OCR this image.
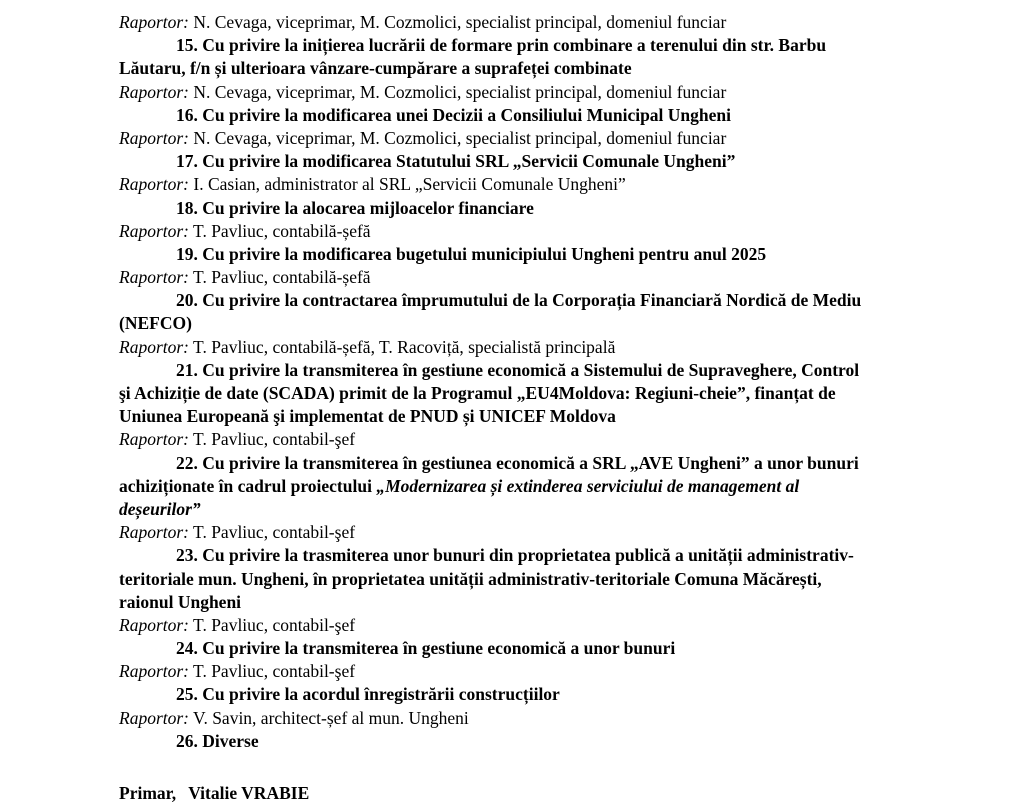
Raportor: N. Cevaga, viceprimar, M. Cozmolici, specialist principal, domeniul funciar
15. Cu privire la inițierea lucrării de formare prin combinare a terenului din str. Barbu
Lăutaru, f/n și ulterioara vânzare-cumpărare a suprafeței combinate
Raportor: N. Cevaga, viceprimar, M. Cozmolici, specialist principal, domeniul funciar
16. Cu privire la modificarea unei Decizii a Consiliului Municipal Ungheni
Raportor: N. Cevaga, viceprimar, M. Cozmolici, specialist principal, domeniul funciar
17. Cu privire la modificarea Statutului SRL „Servicii Comunale Ungheni”
Raportor: I. Casian, administrator al SRL „Servicii Comunale Ungheni”
18. Cu privire la alocarea mijloacelor financiare
Raportor: T. Pavliuc, contabilă-șefă
19. Cu privire la modificarea bugetului municipiului Ungheni pentru anul 2025
Raportor: T. Pavliuc, contabilă-șefă
20. Cu privire la contractarea împrumutului de la Corporația Financiară Nordică de Mediu
(NEFCO)
Raportor: T. Pavliuc, contabilă-șefă, T. Racoviță, specialistă principală
21. Cu privire la transmiterea în gestiune economică a Sistemului de Supraveghere, Control
şi Achiziție de date (SCADA) primit de la Programul „EU4Moldova: Regiuni-cheie”, finanțat de
Uniunea Europeană şi implementat de PNUD și UNICEF Moldova
Raportor: T. Pavliuc, contabil-şef
22. Cu privire la transmiterea în gestiunea economică a SRL „AVE Ungheni” a unor bunuri
achiziționate în cadrul proiectului „Modernizarea și extinderea serviciului de management al
deșeurilor”
Raportor: T. Pavliuc, contabil-şef
23. Cu privire la trasmiterea unor bunuri din proprietatea publică a unității administrativ-
teritoriale mun. Ungheni, în proprietatea unității administrativ-teritoriale Comuna Măcărești,
raionul Ungheni
Raportor: T. Pavliuc, contabil-şef
24. Cu privire la transmiterea în gestiune economică a unor bunuri
Raportor: T. Pavliuc, contabil-şef
25. Cu privire la acordul înregistrării construcțiilor
Raportor: V. Savin, architect-șef al mun. Ungheni
26. Diverse
Primar, Vitalie VRABIE
